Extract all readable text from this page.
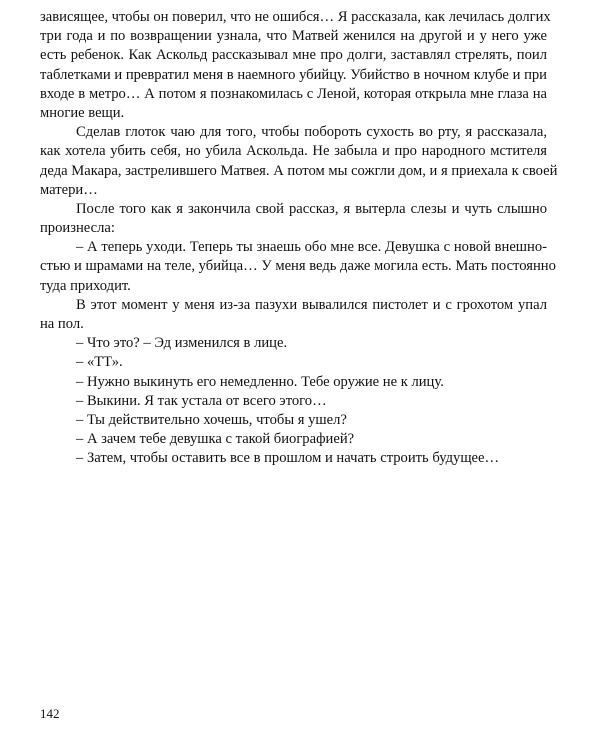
зависящее, чтобы он поверил, что не ошибся… Я рассказала, как лечилась долгих
три года и по возвращении узнала, что Матвей женился на другой и у него уже
есть ребенок. Как Аскольд рассказывал мне про долги, заставлял стрелять, поил
таблетками и превратил меня в наемного убийцу. Убийство в ночном клубе и при
входе в метро… А потом я познакомилась с Леной, которая открыла мне глаза на
многие вещи.
Сделав глоток чаю для того, чтобы побороть сухость во рту, я рассказала,
как хотела убить себя, но убила Аскольда. Не забыла и про народного мстителя
деда Макара, застрелившего Матвея. А потом мы сожгли дом, и я приехала к своей
матери…
После того как я закончила свой рассказ, я вытерла слезы и чуть слышно
произнесла:
– А теперь уходи. Теперь ты знаешь обо мне все. Девушка с новой внешно-
стью и шрамами на теле, убийца… У меня ведь даже могила есть. Мать постоянно
туда приходит.
В этот момент у меня из-за пазухи вывалился пистолет и с грохотом упал
на пол.
– Что это? – Эд изменился в лице.
– «ТТ».
– Нужно выкинуть его немедленно. Тебе оружие не к лицу.
– Выкини. Я так устала от всего этого…
– Ты действительно хочешь, чтобы я ушел?
– А зачем тебе девушка с такой биографией?
– Затем, чтобы оставить все в прошлом и начать строить будущее…
142
